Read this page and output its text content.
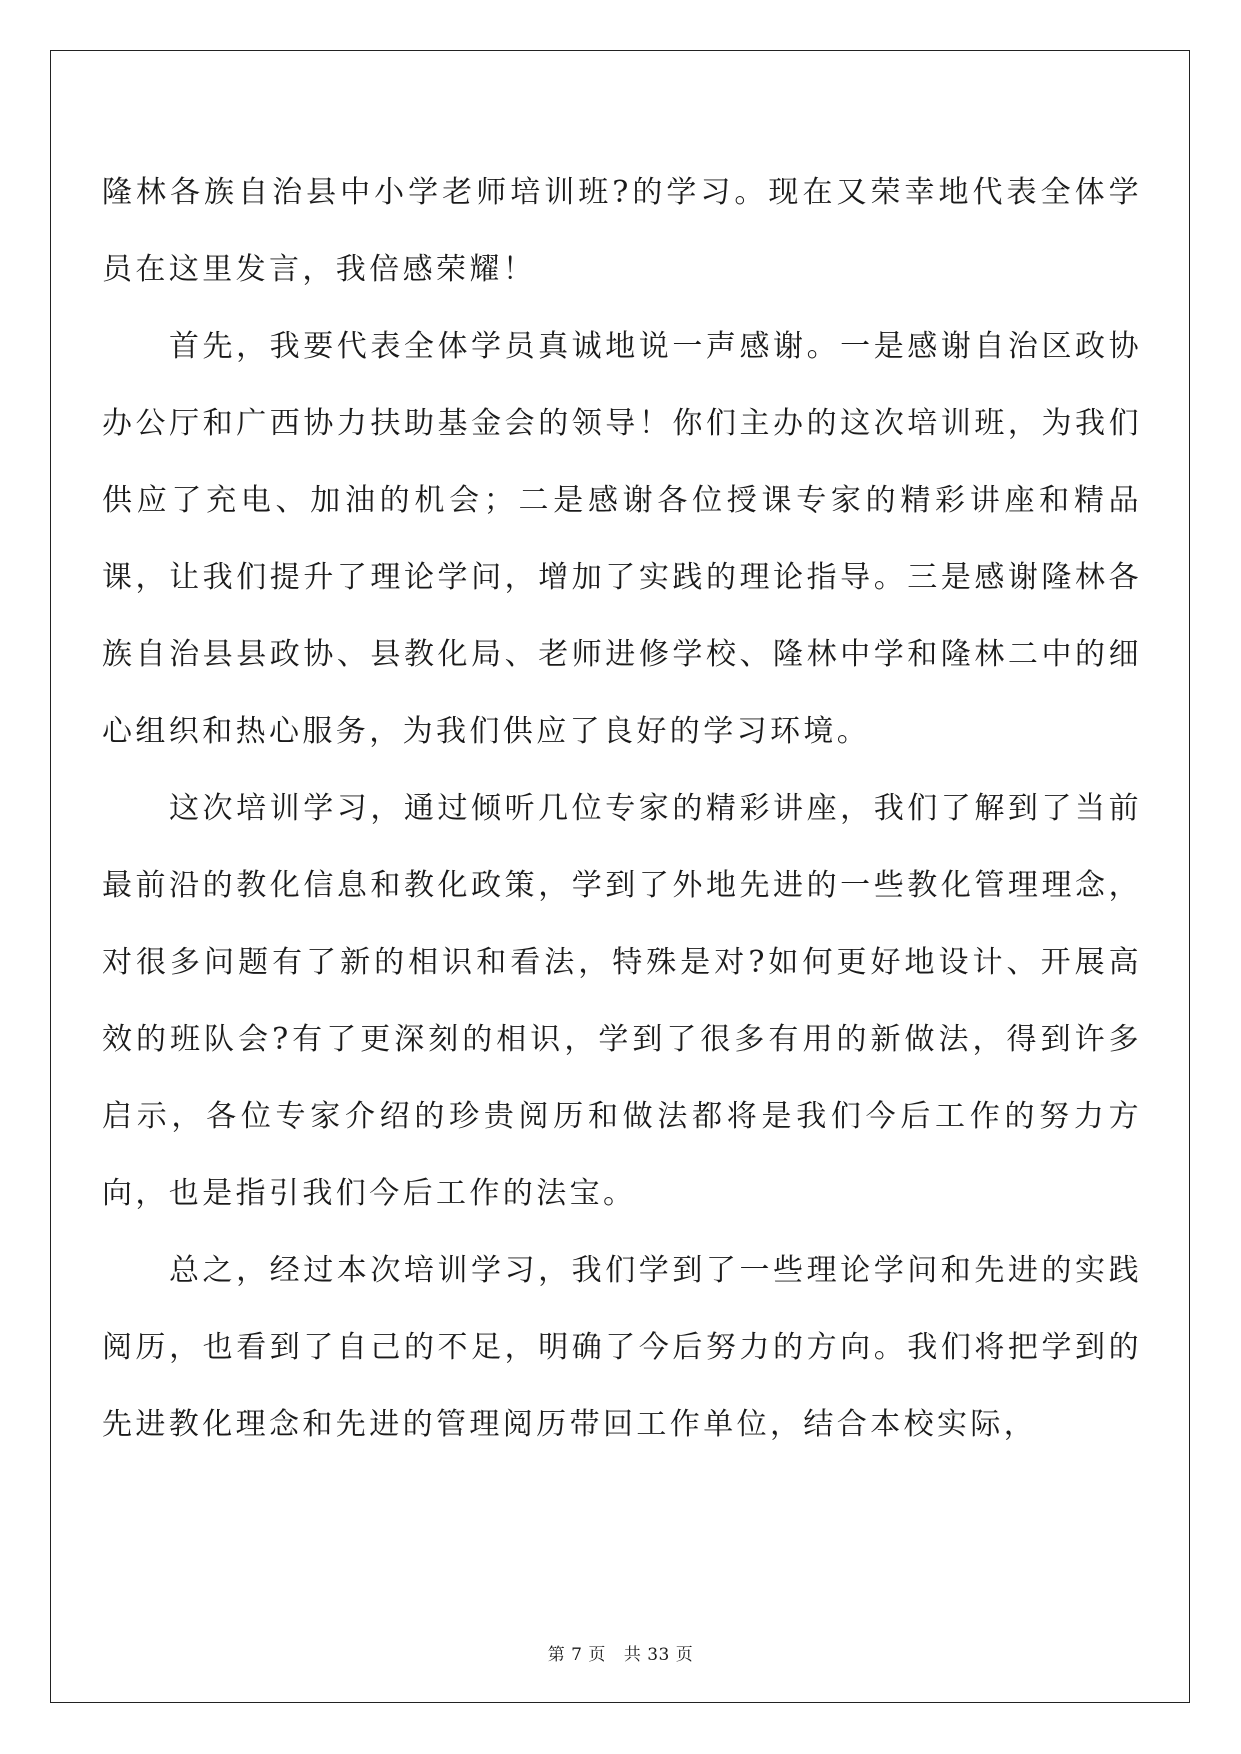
隆林各族自治县中小学老师培训班?的学习。现在又荣幸地代表全体学员在这里发言，我倍感荣耀！

首先，我要代表全体学员真诚地说一声感谢。一是感谢自治区政协办公厅和广西协力扶助基金会的领导！你们主办的这次培训班，为我们供应了充电、加油的机会；二是感谢各位授课专家的精彩讲座和精品课，让我们提升了理论学问，增加了实践的理论指导。三是感谢隆林各族自治县县政协、县教化局、老师进修学校、隆林中学和隆林二中的细心组织和热心服务，为我们供应了良好的学习环境。

这次培训学习，通过倾听几位专家的精彩讲座，我们了解到了当前最前沿的教化信息和教化政策，学到了外地先进的一些教化管理理念，对很多问题有了新的相识和看法，特殊是对?如何更好地设计、开展高效的班队会?有了更深刻的相识，学到了很多有用的新做法，得到许多启示，各位专家介绍的珍贵阅历和做法都将是我们今后工作的努力方向，也是指引我们今后工作的法宝。

总之，经过本次培训学习，我们学到了一些理论学问和先进的实践阅历，也看到了自己的不足，明确了今后努力的方向。我们将把学到的先进教化理念和先进的管理阅历带回工作单位，结合本校实际，

第 7 页 共 33 页
